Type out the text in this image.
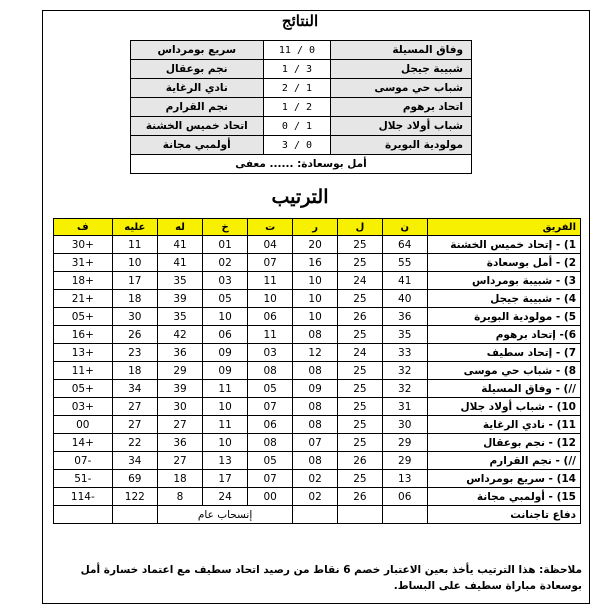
النتائج
وفاق المسيلة	0 / 11	سريع بومرداس
شبيبة جيجل	3 / 1	نجم بوعقال
شباب حي موسى	1 / 2	نادي الرغاية
اتحاد برهوم	2 / 1	نجم القرارم
شباب أولاد جلال	1 / 0	اتحاد خميس الخشنة
مولودية البويرة	0 / 3	أولمبي مجانة
أمل بوسعادة: ...... معفى		
الترتيب
الفريق	ن	ل	ر	ت	خ	له	عليه	ف
1) - إتحاد خميس الخشنة	64	25	20	04	01	41	11	+30
2) - أمل بوسعادة	55	25	16	07	02	41	10	+31
3) - شبيبة بومرداس	41	24	10	11	03	35	17	+18
4) - شبيبة جيجل	40	25	10	10	05	39	18	+21
5) - مولودية البويرة	36	26	10	06	10	35	30	+05
6)- إتحاد برهوم	35	25	08	11	06	42	26	+16
7) - إتحاد سطيف	33	24	12	03	09	36	23	+13
8) - شباب حي موسى	32	25	08	08	09	29	18	+11
//) - وفاق المسيلة	32	25	09	05	11	39	34	+05
10) - شباب أولاد جلال	31	25	08	07	10	30	27	+03
11) - نادي الرغاية	30	25	08	06	11	27	27	00
12) - نجم بوعقال	29	25	07	08	10	36	22	+14
//) - نجم القرارم	29	26	08	05	13	27	34	-07
14) - سريع بومرداس	13	25	02	07	17	18	69	-51
15) - أولمبي مجانة	06	26	02	00	24	8	122	-114
دفاع تاجنانت				إنسحاب عام				
ملاحظة: هذا الترتيب يأخذ بعين الاعتبار خصم 6 نقاط من رصيد اتحاد سطيف مع اعتماد خسارة أمل بوسعادة مباراة سطيف على البساط.
